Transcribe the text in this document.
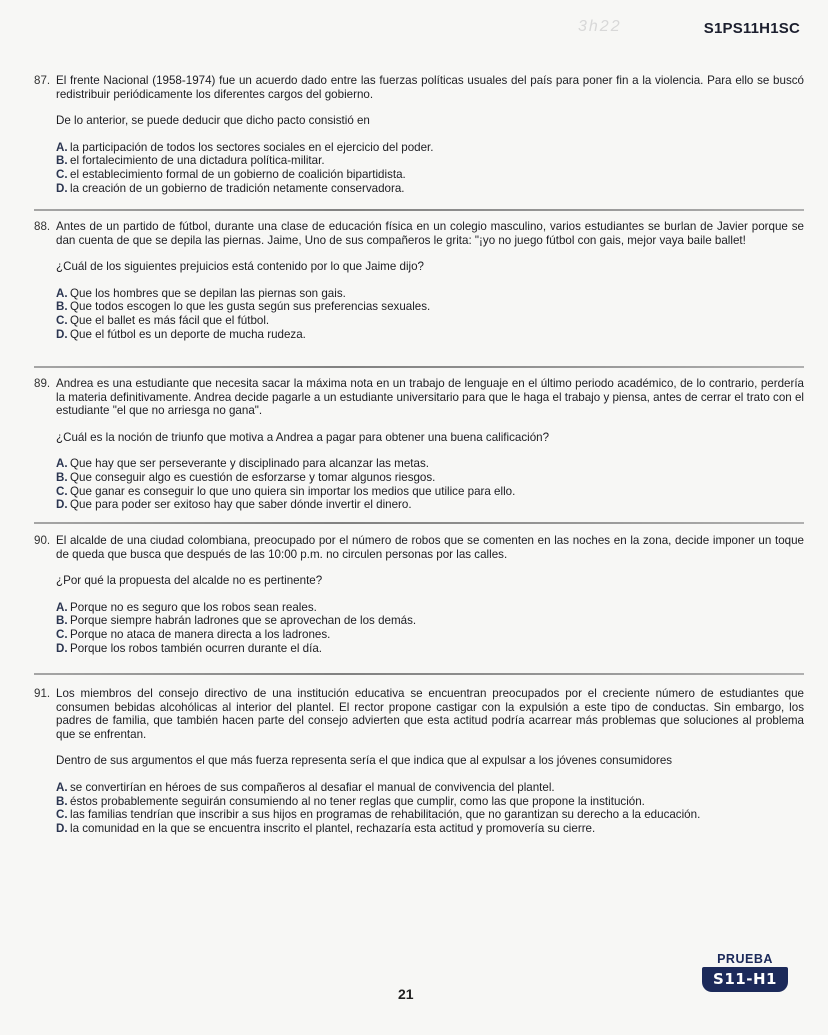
3h22	S1PS11H1SC
87. El frente Nacional (1958-1974) fue un acuerdo dado entre las fuerzas políticas usuales del país para poner fin a la violencia. Para ello se buscó redistribuir periódicamente los diferentes cargos del gobierno.
De lo anterior, se puede deducir que dicho pacto consistió en
A. la participación de todos los sectores sociales en el ejercicio del poder.
B. el fortalecimiento de una dictadura política-militar.
C. el establecimiento formal de un gobierno de coalición bipartidista.
D. la creación de un gobierno de tradición netamente conservadora.
88. Antes de un partido de fútbol, durante una clase de educación física en un colegio masculino, varios estudiantes se burlan de Javier porque se dan cuenta de que se depila las piernas. Jaime, Uno de sus compañeros le grita: "¡yo no juego fútbol con gais, mejor vaya baile ballet!
¿Cuál de los siguientes prejuicios está contenido por lo que Jaime dijo?
A. Que los hombres que se depilan las piernas son gais.
B. Que todos escogen lo que les gusta según sus preferencias sexuales.
C. Que el ballet es más fácil que el fútbol.
D. Que el fútbol es un deporte de mucha rudeza.
89. Andrea es una estudiante que necesita sacar la máxima nota en un trabajo de lenguaje en el último periodo académico, de lo contrario, perdería la materia definitivamente. Andrea decide pagarle a un estudiante universitario para que le haga el trabajo y piensa, antes de cerrar el trato con el estudiante "el que no arriesga no gana".
¿Cuál es la noción de triunfo que motiva a Andrea a pagar para obtener una buena calificación?
A. Que hay que ser perseverante y disciplinado para alcanzar las metas.
B. Que conseguir algo es cuestión de esforzarse y tomar algunos riesgos.
C. Que ganar es conseguir lo que uno quiera sin importar los medios que utilice para ello.
D. Que para poder ser exitoso hay que saber dónde invertir el dinero.
90. El alcalde de una ciudad colombiana, preocupado por el número de robos que se comenten en las noches en la zona, decide imponer un toque de queda que busca que después de las 10:00 p.m. no circulen personas por las calles.
¿Por qué la propuesta del alcalde no es pertinente?
A. Porque no es seguro que los robos sean reales.
B. Porque siempre habrán ladrones que se aprovechan de los demás.
C. Porque no ataca de manera directa a los ladrones.
D. Porque los robos también ocurren durante el día.
91. Los miembros del consejo directivo de una institución educativa se encuentran preocupados por el creciente número de estudiantes que consumen bebidas alcohólicas al interior del plantel. El rector propone castigar con la expulsión a este tipo de conductas. Sin embargo, los padres de familia, que también hacen parte del consejo advierten que esta actitud podría acarrear más problemas que soluciones al problema que se enfrentan.
Dentro de sus argumentos el que más fuerza representa sería el que indica que al expulsar a los jóvenes consumidores
A. se convertirían en héroes de sus compañeros al desafiar el manual de convivencia del plantel.
B. éstos probablemente seguirán consumiendo al no tener reglas que cumplir, como las que propone la institución.
C. las familias tendrían que inscribir a sus hijos en programas de rehabilitación, que no garantizan su derecho a la educación.
D. la comunidad en la que se encuentra inscrito el plantel, rechazaría esta actitud y promovería su cierre.
21
PRUEBA
S11-H1
